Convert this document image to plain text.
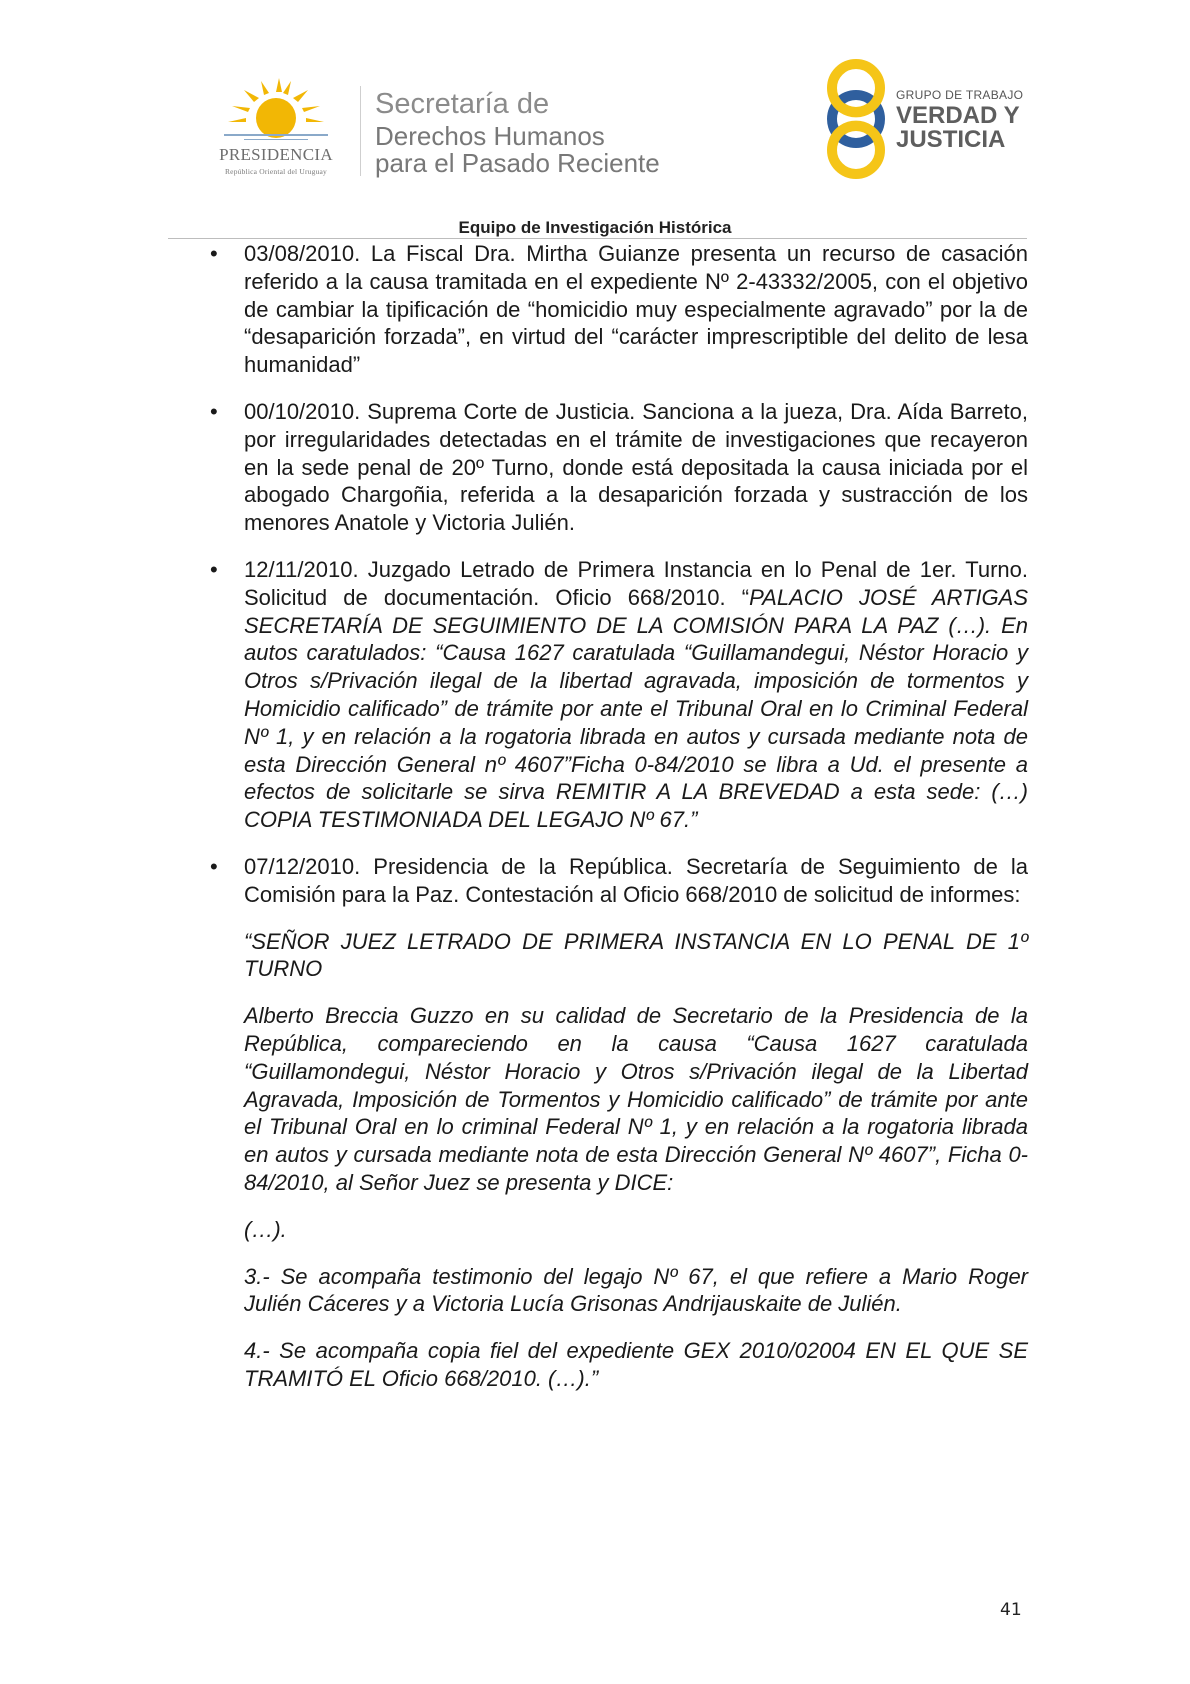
PRESIDENCIA
República Oriental del Uruguay
Secretaría de
Derechos Humanos
para el Pasado Reciente
GRUPO DE TRABAJO
VERDAD Y
JUSTICIA
Equipo de Investigación Histórica
• 03/08/2010. La Fiscal Dra. Mirtha Guianze presenta un recurso de casación referido a la causa tramitada en el expediente Nº 2-43332/2005, con el objetivo de cambiar la tipificación de “homicidio muy especialmente agravado” por la de “desaparición forzada”, en virtud del “carácter imprescriptible del delito de lesa humanidad”

• 00/10/2010. Suprema Corte de Justicia. Sanciona a la jueza, Dra. Aída Barreto, por irregularidades detectadas en el trámite de investigaciones que recayeron en la sede penal de 20º Turno, donde está depositada la causa iniciada por el abogado Chargoñia, referida a la desaparición forzada y sustracción de los menores Anatole y Victoria Julién.

• 12/11/2010. Juzgado Letrado de Primera Instancia en lo Penal de 1er. Turno. Solicitud de documentación. Oficio 668/2010. “PALACIO JOSÉ ARTIGAS SECRETARÍA DE SEGUIMIENTO DE LA COMISIÓN PARA LA PAZ (…). En autos caratulados: “Causa 1627 caratulada “Guillamandegui, Néstor Horacio y Otros s/Privación ilegal de la libertad agravada, imposición de tormentos y Homicidio calificado” de trámite por ante el Tribunal Oral en lo Criminal Federal Nº 1, y en relación a la rogatoria librada en autos y cursada mediante nota de esta Dirección General nº 4607”Ficha 0-84/2010 se libra a Ud. el presente a efectos de solicitarle se sirva REMITIR A LA BREVEDAD a esta sede: (…) COPIA TESTIMONIADA DEL LEGAJO Nº 67.”

• 07/12/2010. Presidencia de la República. Secretaría de Seguimiento de la Comisión para la Paz. Contestación al Oficio 668/2010 de solicitud de informes:

“SEÑOR JUEZ LETRADO DE PRIMERA INSTANCIA EN LO PENAL DE 1º TURNO

Alberto Breccia Guzzo en su calidad de Secretario de la Presidencia de la República, compareciendo en la causa “Causa 1627 caratulada “Guillamondegui, Néstor Horacio y Otros s/Privación ilegal de la Libertad Agravada, Imposición de Tormentos y Homicidio calificado” de trámite por ante el Tribunal Oral en lo criminal Federal Nº 1, y en relación a la rogatoria librada en autos y cursada mediante nota de esta Dirección General Nº 4607”, Ficha 0-84/2010, al Señor Juez se presenta y DICE:

(…).

3.- Se acompaña testimonio del legajo Nº 67, el que refiere a Mario Roger Julién Cáceres y a Victoria Lucía Grisonas Andrijauskaite de Julién.

4.- Se acompaña copia fiel del expediente GEX 2010/02004 EN EL QUE SE TRAMITÓ EL Oficio 668/2010. (…).”

41
